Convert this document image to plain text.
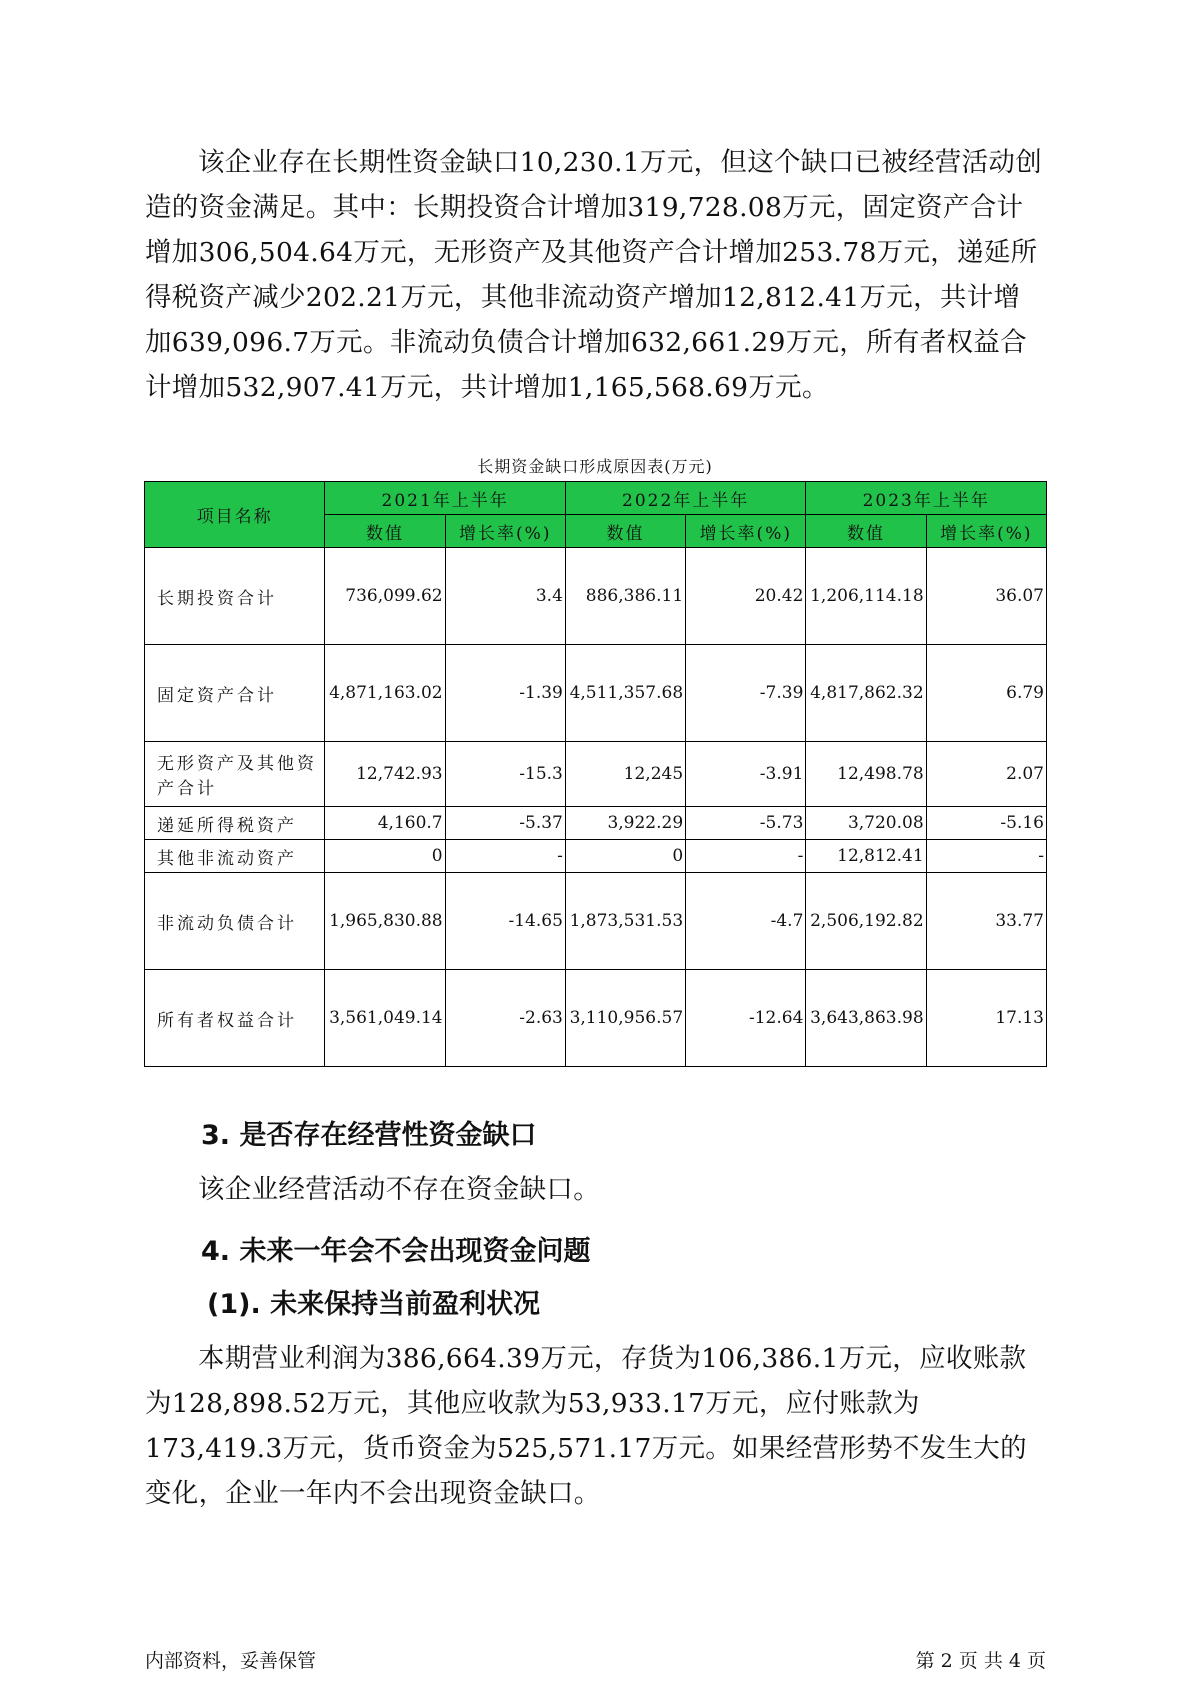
该企业存在长期性资金缺口10,230.1万元，但这个缺口已被经营活动创造的资金满足。其中：长期投资合计增加319,728.08万元，固定资产合计增加306,504.64万元，无形资产及其他资产合计增加253.78万元，递延所得税资产减少202.21万元，其他非流动资产增加12,812.41万元，共计增加639,096.7万元。非流动负债合计增加632,661.29万元，所有者权益合计增加532,907.41万元，共计增加1,165,568.69万元。

长期资金缺口形成原因表(万元)
项目名称	2021年上半年		2022年上半年		2023年上半年	
	数值	增长率(%)	数值	增长率(%)	数值	增长率(%)
长期投资合计	736,099.62	3.4	886,386.11	20.42	1,206,114.18	36.07
固定资产合计	4,871,163.02	-1.39	4,511,357.68	-7.39	4,817,862.32	6.79
无形资产及其他资产合计	12,742.93	-15.3	12,245	-3.91	12,498.78	2.07
递延所得税资产	4,160.7	-5.37	3,922.29	-5.73	3,720.08	-5.16
其他非流动资产	0	-	0	-	12,812.41	-
非流动负债合计	1,965,830.88	-14.65	1,873,531.53	-4.7	2,506,192.82	33.77
所有者权益合计	3,561,049.14	-2.63	3,110,956.57	-12.64	3,643,863.98	17.13
3. 是否存在经营性资金缺口

该企业经营活动不存在资金缺口。

4. 未来一年会不会出现资金问题
(1). 未来保持当前盈利状况

本期营业利润为386,664.39万元，存货为106,386.1万元，应收账款为128,898.52万元，其他应收款为53,933.17万元，应付账款为173,419.3万元，货币资金为525,571.17万元。如果经营形势不发生大的变化，企业一年内不会出现资金缺口。

内部资料，妥善保管	第 2 页 共 4 页
